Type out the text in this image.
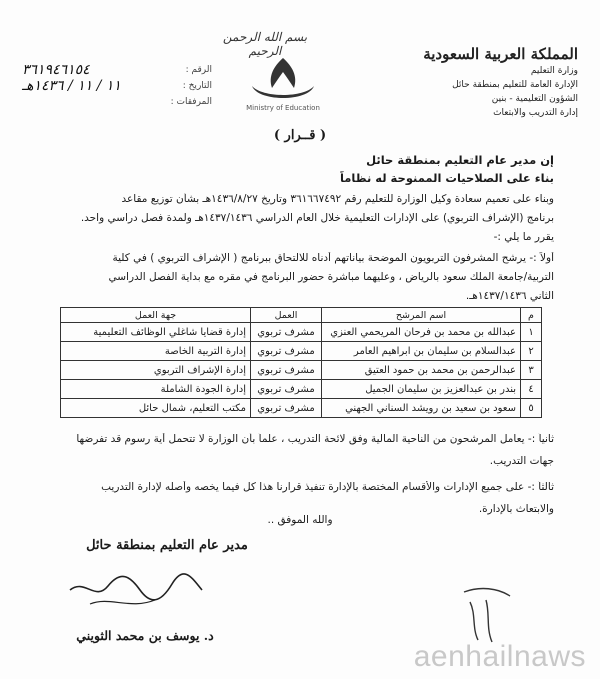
بسم الله الرحمن الرحيم	المملكة العربية السعودية
وزارة التعليم
الإدارة العامة للتعليم بمنطقة حائل
الشؤون التعليمية - بنين
إدارة التدريب والابتعاث
Ministry of Education
الرقم :
٣٦١٩٤٦١٥٤
التاريخ :
١١ / ١١ / ١٤٣٦هـ
المرفقات :
( قــرار )
إن مدير عام التعليم بمنطقة حائل
بناء على الصلاحيات الممنوحة له نظاماً
وبناء على تعميم سعادة وكيل الوزارة للتعليم رقم ٣٦١٦٦٧٤٩٢ وتاريخ ١٤٣٦/٨/٢٧هـ بشأن توزيع مقاعد
برنامج (الإشراف التربوي) على الإدارات التعليمية خلال العام الدراسي ١٤٣٧/١٤٣٦هـ ولمدة فصل دراسي واحد.
يقرر ما يلي :-
أولاً :- يرشح المشرفون التربويون الموضحة بياناتهم أدناه للالتحاق ببرنامج ( الإشراف التربوي ) في كلية
التربية/جامعة الملك سعود بالرياض ، وعليهما مباشرة حضور البرنامج في مقره مع بداية الفصل الدراسي
الثاني ١٤٣٧/١٤٣٦هـ.
م	اسم المرشح	العمل	جهة العمل
١	عبدالله بن محمد بن فرحان المريحمي العنزي	مشرف تربوي	إدارة قضايا شاغلي الوظائف التعليمية
٢	عبدالسلام بن سليمان بن ابراهيم العامر	مشرف تربوي	إدارة التربية الخاصة
٣	عبدالرحمن بن محمد بن حمود العتيق	مشرف تربوي	إدارة الإشراف التربوي
٤	بندر بن عبدالعزيز بن سليمان الجميل	مشرف تربوي	إدارة الجودة الشاملة
٥	سعود بن سعيد بن رويشد السناني الجهني	مشرف تربوي	مكتب التعليم، شمال حائل
ثانياً :- يعامل المرشحون من الناحية المالية وفق لائحة التدريب ، علماً بأن الوزارة لا تتحمل أية رسوم قد تفرضها
جهات التدريب.
ثالثاً :- على جميع الإدارات والأقسام المختصة بالإدارة تنفيذ قرارنا هذا كل فيما يخصه وأصله لإدارة التدريب
والابتعاث بالإدارة.
والله الموفق ..
مدير عام التعليم بمنطقة حائل
د. يوسف بن محمد الثويني
aenhailnaws
